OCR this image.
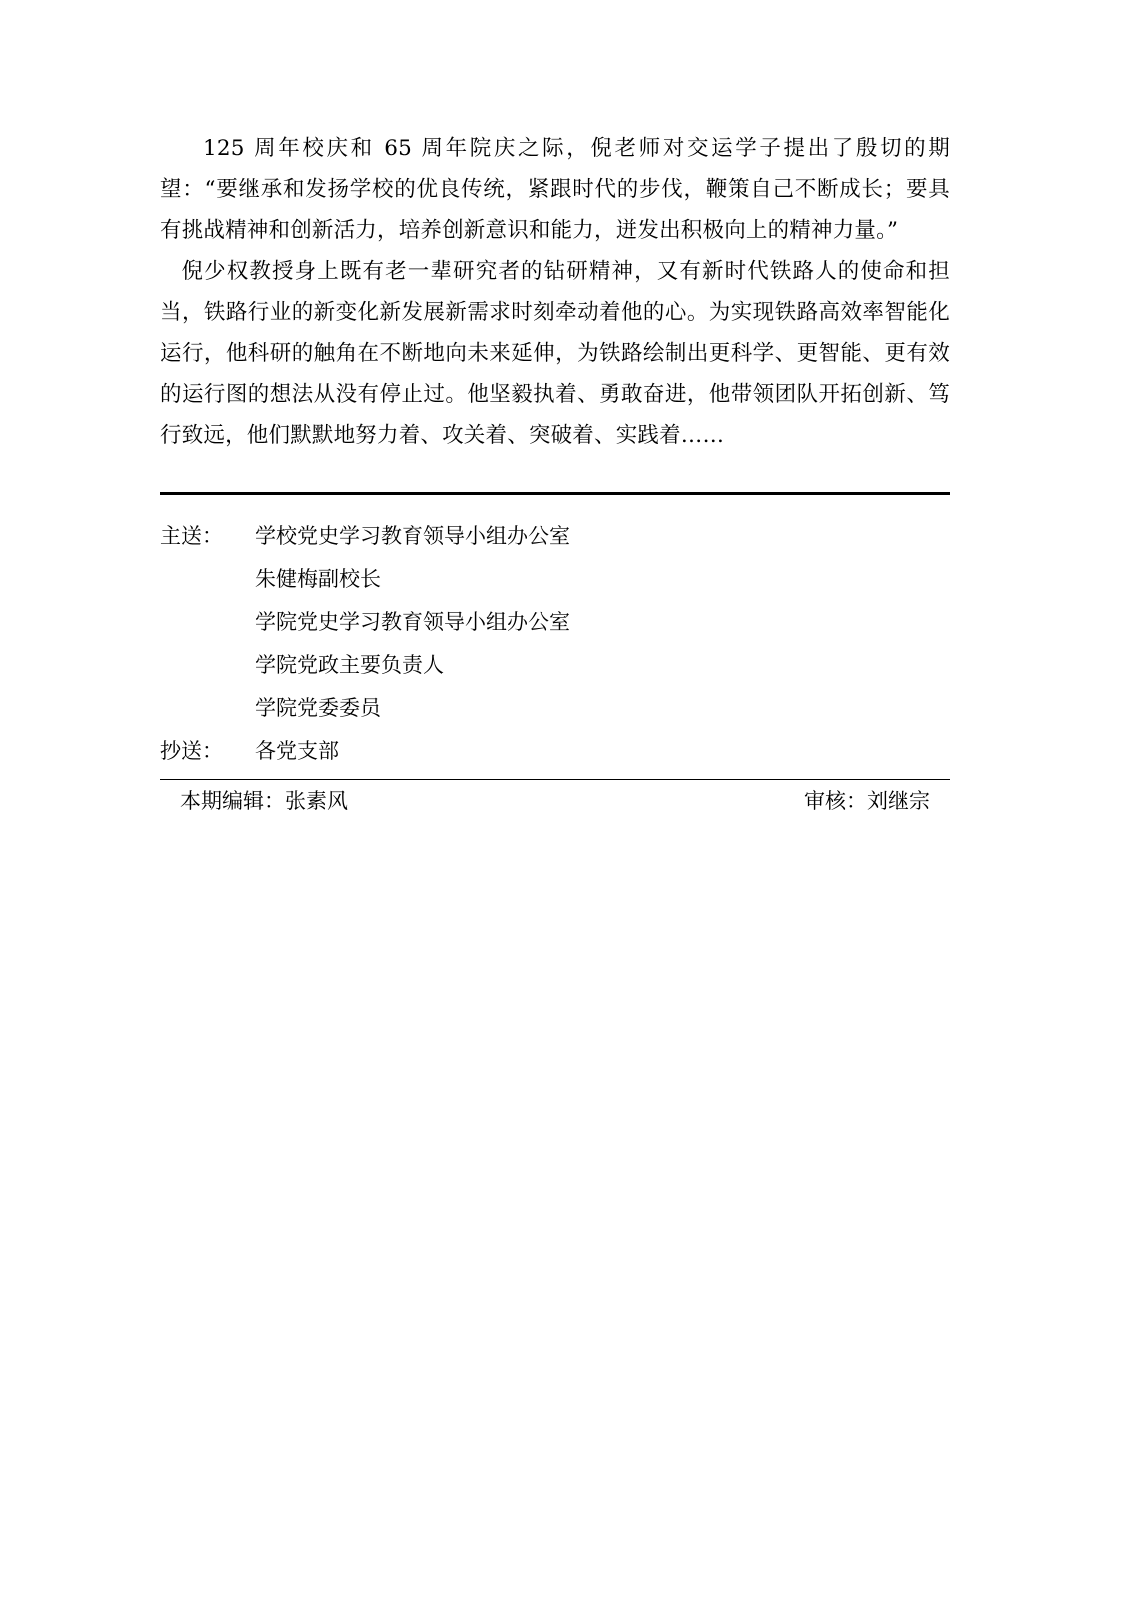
125 周年校庆和 65 周年院庆之际，倪老师对交运学子提出了殷切的期望：“要继承和发扬学校的优良传统，紧跟时代的步伐，鞭策自己不断成长；要具有挑战精神和创新活力，培养创新意识和能力，迸发出积极向上的精神力量。”

倪少权教授身上既有老一辈研究者的钻研精神，又有新时代铁路人的使命和担当，铁路行业的新变化新发展新需求时刻牵动着他的心。为实现铁路高效率智能化运行，他科研的触角在不断地向未来延伸，为铁路绘制出更科学、更智能、更有效的运行图的想法从没有停止过。他坚毅执着、勇敢奋进，他带领团队开拓创新、笃行致远，他们默默地努力着、攻关着、突破着、实践着……

主送：	学校党史学习教育领导小组办公室
朱健梅副校长
学院党史学习教育领导小组办公室
学院党政主要负责人
学院党委委员
抄送：	各党支部
本期编辑：张素风	审核：刘继宗
